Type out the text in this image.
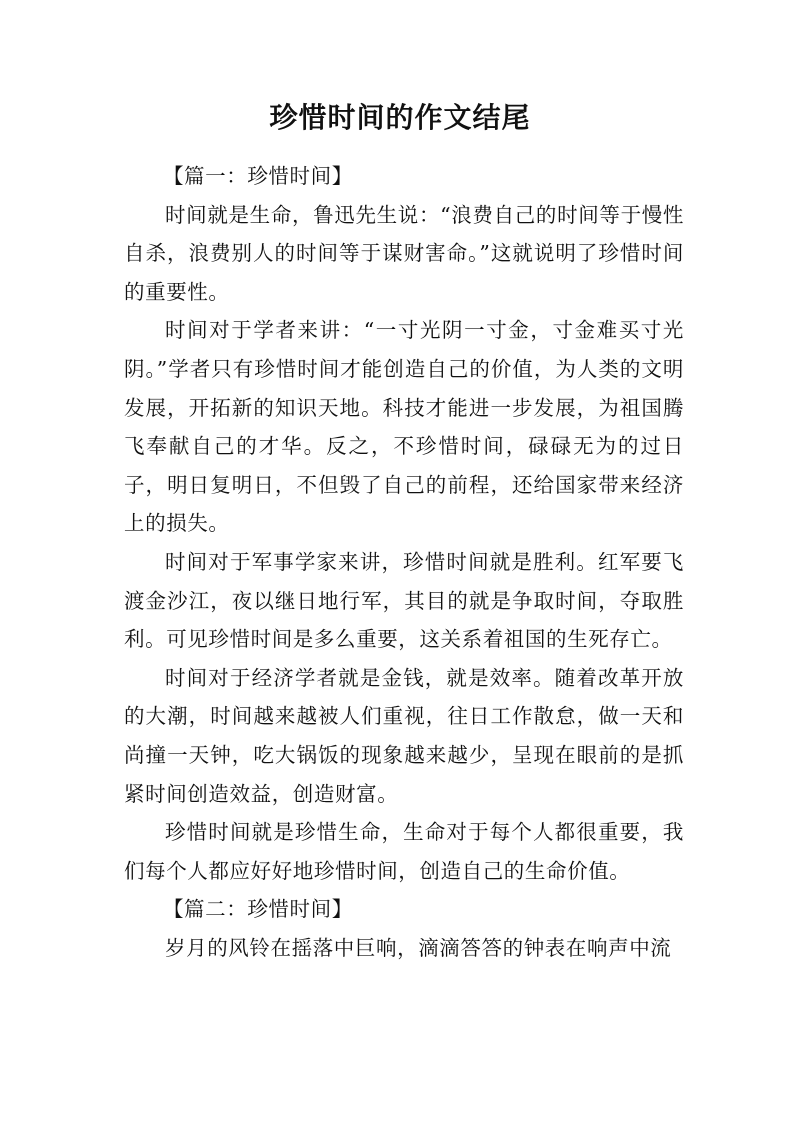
珍惜时间的作文结尾

【篇一：珍惜时间】

时间就是生命，鲁迅先生说：“浪费自己的时间等于慢性自杀，浪费别人的时间等于谋财害命。”这就说明了珍惜时间的重要性。

时间对于学者来讲：“一寸光阴一寸金，寸金难买寸光阴。”学者只有珍惜时间才能创造自己的价值，为人类的文明发展，开拓新的知识天地。科技才能进一步发展，为祖国腾飞奉献自己的才华。反之，不珍惜时间，碌碌无为的过日子，明日复明日，不但毁了自己的前程，还给国家带来经济上的损失。

时间对于军事学家来讲，珍惜时间就是胜利。红军要飞渡金沙江，夜以继日地行军，其目的就是争取时间，夺取胜利。可见珍惜时间是多么重要，这关系着祖国的生死存亡。

时间对于经济学者就是金钱，就是效率。随着改革开放的大潮，时间越来越被人们重视，往日工作散怠，做一天和尚撞一天钟，吃大锅饭的现象越来越少，呈现在眼前的是抓紧时间创造效益，创造财富。

珍惜时间就是珍惜生命，生命对于每个人都很重要，我们每个人都应好好地珍惜时间，创造自己的生命价值。

【篇二：珍惜时间】

岁月的风铃在摇落中巨响，滴滴答答的钟表在响声中流
